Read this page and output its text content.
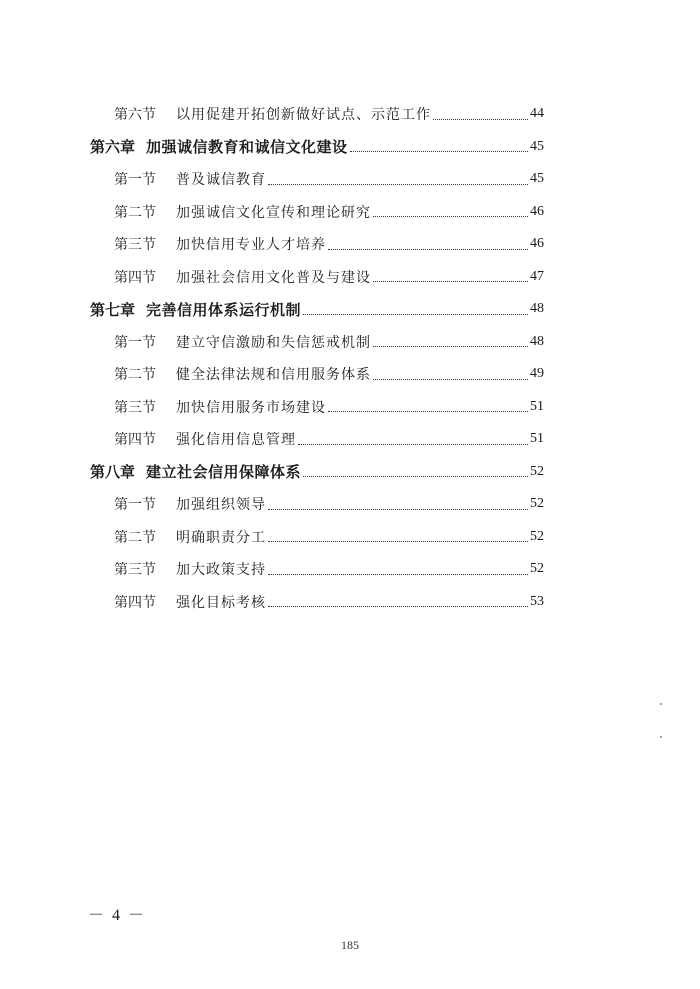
第六节	以用促建开拓创新做好试点、示范工作	44
第六章 加强诚信教育和诚信文化建设	45
第一节	普及诚信教育	45
第二节	加强诚信文化宣传和理论研究	46
第三节	加快信用专业人才培养	46
第四节	加强社会信用文化普及与建设	47
第七章 完善信用体系运行机制	48
第一节	建立守信激励和失信惩戒机制	48
第二节	健全法律法规和信用服务体系	49
第三节	加快信用服务市场建设	51
第四节	强化信用信息管理	51
第八章 建立社会信用保障体系	52
第一节	加强组织领导	52
第二节	明确职责分工	52
第三节	加大政策支持	52
第四节	强化目标考核	53
－ 4 －
185
